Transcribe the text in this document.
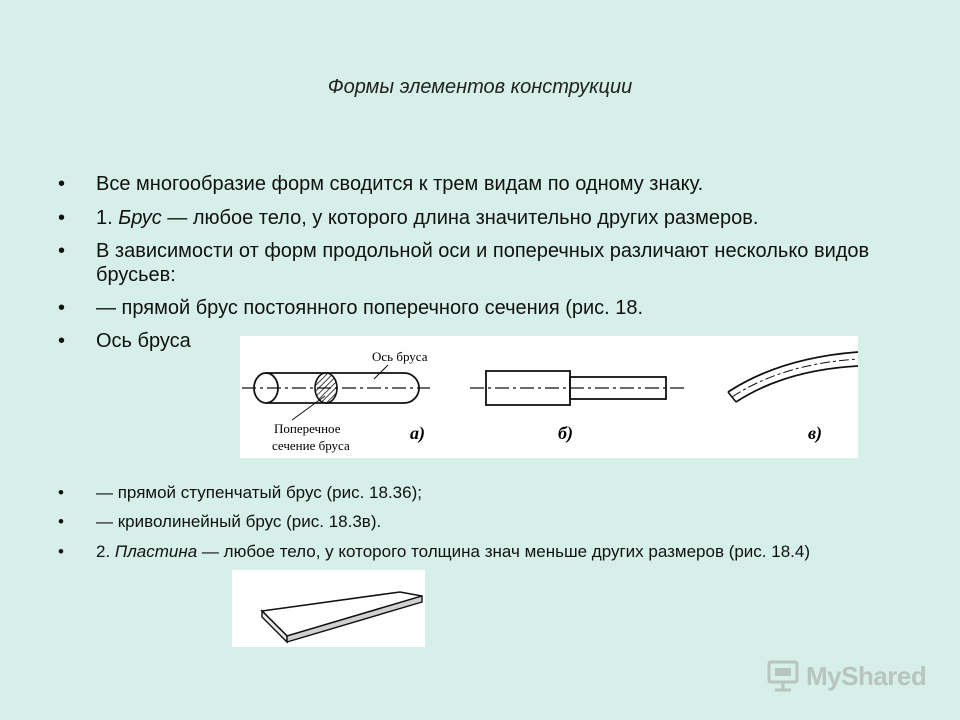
Формы элементов конструкции
• Все многообразие форм сводится к трем видам по одному знаку.
• 1. Брус — любое тело, у которого длина значительно других размеров.
• В зависимости от форм продольной оси и поперечных различают несколько видов брусьев:
• — прямой брус постоянного поперечного сечения (рис. 18.
• Ось бруса
Ось бруса
Поперечное
сечение бруса
а)	б)	в)
• — прямой ступенчатый брус (рис. 18.36);
• — криволинейный брус (рис. 18.3в).
• 2. Пластина — любое тело, у которого толщина знач меньше других размеров (рис. 18.4)
MyShared
